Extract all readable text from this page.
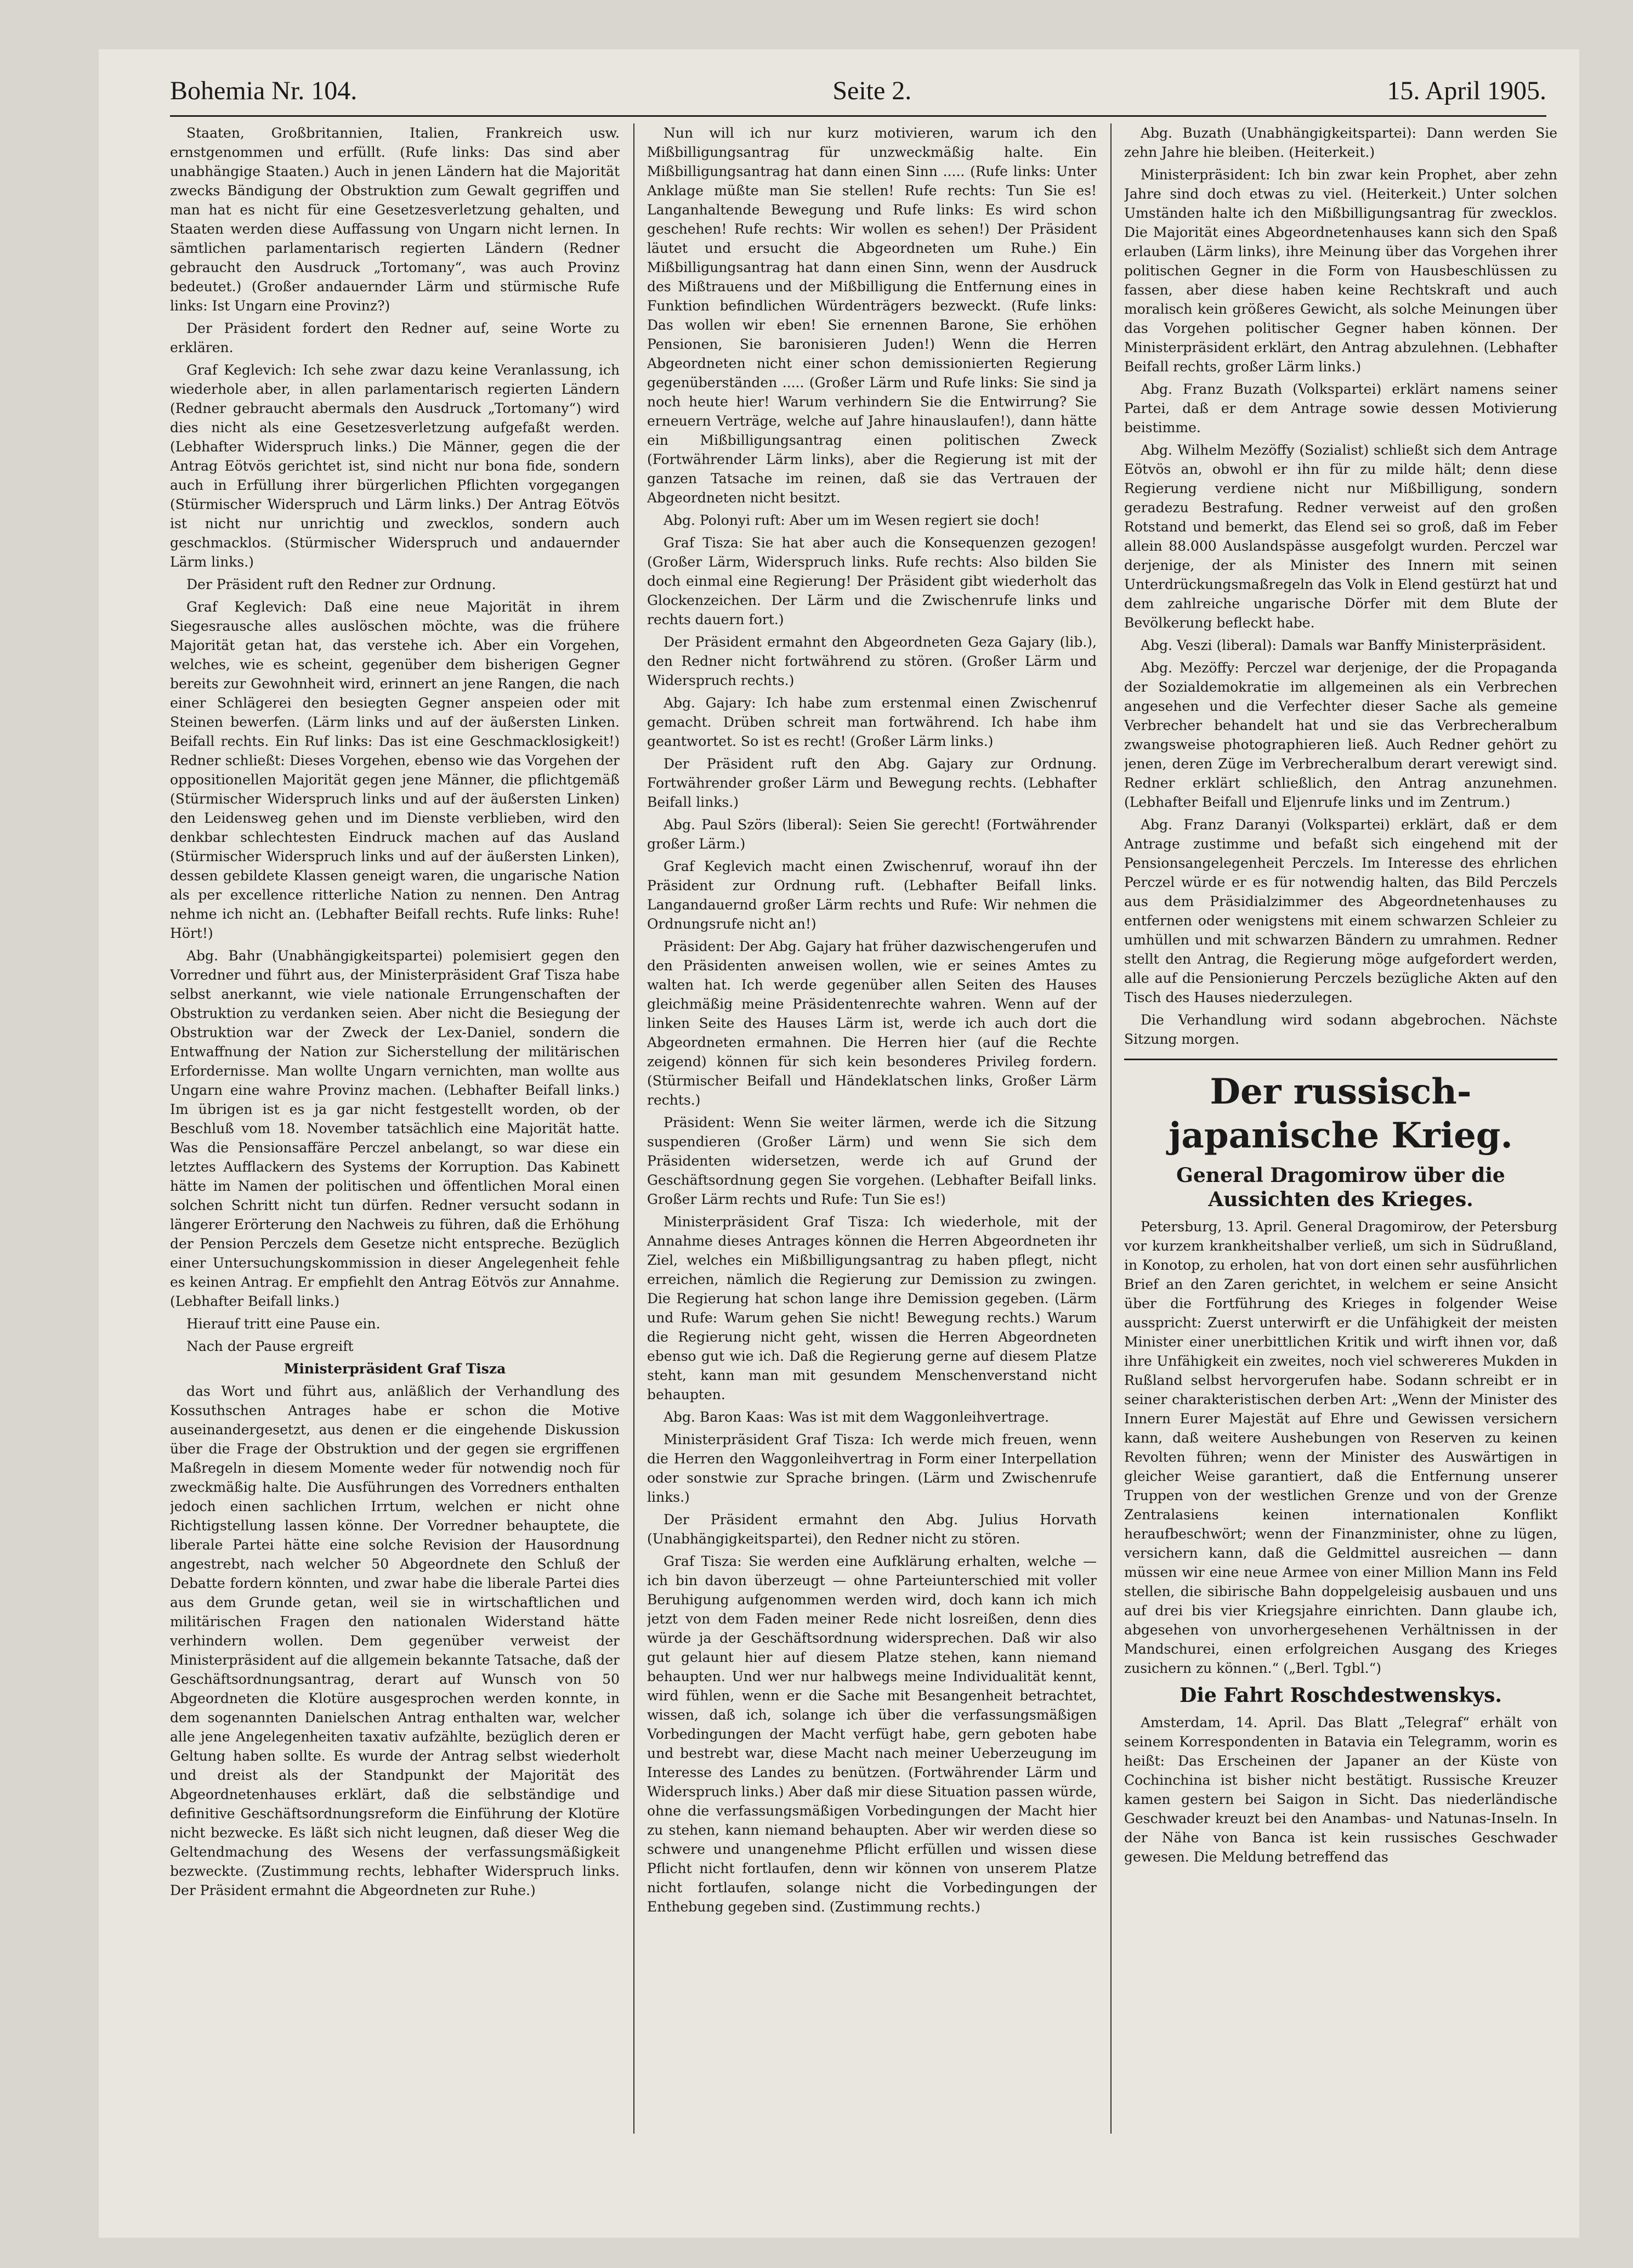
Bohemia Nr. 104.	Seite 2.	15. April 1905.

Staaten, Großbritannien, Italien, Frankreich usw. ernstgenommen und erfüllt. (Rufe links: Das sind aber unabhängige Staaten.) Auch in jenen Ländern hat die Majorität zwecks Bändigung der Obstruktion zum Gewalt gegriffen und man hat es nicht für eine Gesetzesverletzung gehalten, und Staaten werden diese Auffassung von Ungarn nicht lernen. In sämtlichen parlamentarisch regierten Ländern (Redner gebraucht den Ausdruck „Tortomany“, was auch Provinz bedeutet.) (Großer andauernder Lärm und stürmische Rufe links: Ist Ungarn eine Provinz?)

Der Präsident fordert den Redner auf, seine Worte zu erklären.

Graf Keglevich: Ich sehe zwar dazu keine Veranlassung, ich wiederhole aber, in allen parlamentarisch regierten Ländern (Redner gebraucht abermals den Ausdruck „Tortomany“) wird dies nicht als eine Gesetzesverletzung aufgefaßt werden. (Lebhafter Widerspruch links.) Die Männer, gegen die der Antrag Eötvös gerichtet ist, sind nicht nur bona fide, sondern auch in Erfüllung ihrer bürgerlichen Pflichten vorgegangen (Stürmischer Widerspruch und Lärm links.) Der Antrag Eötvös ist nicht nur unrichtig und zwecklos, sondern auch geschmacklos. (Stürmischer Widerspruch und andauernder Lärm links.)

Der Präsident ruft den Redner zur Ordnung.

Graf Keglevich: Daß eine neue Majorität in ihrem Siegesrausche alles auslöschen möchte, was die frühere Majorität getan hat, das verstehe ich. Aber ein Vorgehen, welches, wie es scheint, gegenüber dem bisherigen Gegner bereits zur Gewohnheit wird, erinnert an jene Rangen, die nach einer Schlägerei den besiegten Gegner anspeien oder mit Steinen bewerfen. (Lärm links und auf der äußersten Linken. Beifall rechts. Ein Ruf links: Das ist eine Geschmacklosigkeit!) Redner schließt: Dieses Vorgehen, ebenso wie das Vorgehen der oppositionellen Majorität gegen jene Männer, die pflichtgemäß (Stürmischer Widerspruch links und auf der äußersten Linken) den Leidensweg gehen und im Dienste verblieben, wird den denkbar schlechtesten Eindruck machen auf das Ausland (Stürmischer Widerspruch links und auf der äußersten Linken), dessen gebildete Klassen geneigt waren, die ungarische Nation als per excellence ritterliche Nation zu nennen. Den Antrag nehme ich nicht an. (Lebhafter Beifall rechts. Rufe links: Ruhe! Hört!)

Abg. Bahr (Unabhängigkeitspartei) polemisiert gegen den Vorredner und führt aus, der Ministerpräsident Graf Tisza habe selbst anerkannt, wie viele nationale Errungenschaften der Obstruktion zu verdanken seien. Aber nicht die Besiegung der Obstruktion war der Zweck der Lex-Daniel, sondern die Entwaffnung der Nation zur Sicherstellung der militärischen Erfordernisse. Man wollte Ungarn vernichten, man wollte aus Ungarn eine wahre Provinz machen. (Lebhafter Beifall links.) Im übrigen ist es ja gar nicht festgestellt worden, ob der Beschluß vom 18. November tatsächlich eine Majorität hatte. Was die Pensionsaffäre Perczel anbelangt, so war diese ein letztes Aufflackern des Systems der Korruption. Das Kabinett hätte im Namen der politischen und öffentlichen Moral einen solchen Schritt nicht tun dürfen. Redner versucht sodann in längerer Erörterung den Nachweis zu führen, daß die Erhöhung der Pension Perczels dem Gesetze nicht entspreche. Bezüglich einer Untersuchungskommission in dieser Angelegenheit fehle es keinen Antrag. Er empfiehlt den Antrag Eötvös zur Annahme. (Lebhafter Beifall links.)

Hierauf tritt eine Pause ein.

Nach der Pause ergreift

Ministerpräsident Graf Tisza

das Wort und führt aus, anläßlich der Verhandlung des Kossuthschen Antrages habe er schon die Motive auseinandergesetzt, aus denen er die eingehende Diskussion über die Frage der Obstruktion und der gegen sie ergriffenen Maßregeln in diesem Momente weder für notwendig noch für zweckmäßig halte. Die Ausführungen des Vorredners enthalten jedoch einen sachlichen Irrtum, welchen er nicht ohne Richtigstellung lassen könne. Der Vorredner behauptete, die liberale Partei hätte eine solche Revision der Hausordnung angestrebt, nach welcher 50 Abgeordnete den Schluß der Debatte fordern könnten, und zwar habe die liberale Partei dies aus dem Grunde getan, weil sie in wirtschaftlichen und militärischen Fragen den nationalen Widerstand hätte verhindern wollen. Dem gegenüber verweist der Ministerpräsident auf die allgemein bekannte Tatsache, daß der Geschäftsordnungsantrag, derart auf Wunsch von 50 Abgeordneten die Klotüre ausgesprochen werden konnte, in dem sogenannten Danielschen Antrag enthalten war, welcher alle jene Angelegenheiten taxativ aufzählte, bezüglich deren er Geltung haben sollte. Es wurde der Antrag selbst wiederholt und dreist als der Standpunkt der Majorität des Abgeordnetenhauses erklärt, daß die selbständige und definitive Geschäftsordnungsreform die Einführung der Klotüre nicht bezwecke. Es läßt sich nicht leugnen, daß dieser Weg die Geltendmachung des Wesens der verfassungsmäßigkeit bezweckte. (Zustimmung rechts, lebhafter Widerspruch links. Der Präsident ermahnt die Abgeordneten zur Ruhe.)

Nun will ich nur kurz motivieren, warum ich den Mißbilligungsantrag für unzweckmäßig halte. Ein Mißbilligungsantrag hat dann einen Sinn ..... (Rufe links: Unter Anklage müßte man Sie stellen! Rufe rechts: Tun Sie es! Langanhaltende Bewegung und Rufe links: Es wird schon geschehen! Rufe rechts: Wir wollen es sehen!) Der Präsident läutet und ersucht die Abgeordneten um Ruhe.) Ein Mißbilligungsantrag hat dann einen Sinn, wenn der Ausdruck des Mißtrauens und der Mißbilligung die Entfernung eines in Funktion befindlichen Würdenträgers bezweckt. (Rufe links: Das wollen wir eben! Sie ernennen Barone, Sie erhöhen Pensionen, Sie baronisieren Juden!) Wenn die Herren Abgeordneten nicht einer schon demissionierten Regierung gegenüberständen ..... (Großer Lärm und Rufe links: Sie sind ja noch heute hier! Warum verhindern Sie die Entwirrung? Sie erneuern Verträge, welche auf Jahre hinauslaufen!), dann hätte ein Mißbilligungsantrag einen politischen Zweck (Fortwährender Lärm links), aber die Regierung ist mit der ganzen Tatsache im reinen, daß sie das Vertrauen der Abgeordneten nicht besitzt.

Abg. Polonyi ruft: Aber um im Wesen regiert sie doch!

Graf Tisza: Sie hat aber auch die Konsequenzen gezogen! (Großer Lärm, Widerspruch links. Rufe rechts: Also bilden Sie doch einmal eine Regierung! Der Präsident gibt wiederholt das Glockenzeichen. Der Lärm und die Zwischenrufe links und rechts dauern fort.)

Der Präsident ermahnt den Abgeordneten Geza Gajary (lib.), den Redner nicht fortwährend zu stören. (Großer Lärm und Widerspruch rechts.)

Abg. Gajary: Ich habe zum erstenmal einen Zwischenruf gemacht. Drüben schreit man fortwährend. Ich habe ihm geantwortet. So ist es recht! (Großer Lärm links.)

Der Präsident ruft den Abg. Gajary zur Ordnung. Fortwährender großer Lärm und Bewegung rechts. (Lebhafter Beifall links.)

Abg. Paul Szörs (liberal): Seien Sie gerecht! (Fortwährender großer Lärm.)

Graf Keglevich macht einen Zwischenruf, worauf ihn der Präsident zur Ordnung ruft. (Lebhafter Beifall links. Langandauernd großer Lärm rechts und Rufe: Wir nehmen die Ordnungsrufe nicht an!)

Präsident: Der Abg. Gajary hat früher dazwischengerufen und den Präsidenten anweisen wollen, wie er seines Amtes zu walten hat. Ich werde gegenüber allen Seiten des Hauses gleichmäßig meine Präsidentenrechte wahren. Wenn auf der linken Seite des Hauses Lärm ist, werde ich auch dort die Abgeordneten ermahnen. Die Herren hier (auf die Rechte zeigend) können für sich kein besonderes Privileg fordern. (Stürmischer Beifall und Händeklatschen links, Großer Lärm rechts.)

Präsident: Wenn Sie weiter lärmen, werde ich die Sitzung suspendieren (Großer Lärm) und wenn Sie sich dem Präsidenten widersetzen, werde ich auf Grund der Geschäftsordnung gegen Sie vorgehen. (Lebhafter Beifall links. Großer Lärm rechts und Rufe: Tun Sie es!)

Ministerpräsident Graf Tisza: Ich wiederhole, mit der Annahme dieses Antrages können die Herren Abgeordneten ihr Ziel, welches ein Mißbilligungsantrag zu haben pflegt, nicht erreichen, nämlich die Regierung zur Demission zu zwingen. Die Regierung hat schon lange ihre Demission gegeben. (Lärm und Rufe: Warum gehen Sie nicht! Bewegung rechts.) Warum die Regierung nicht geht, wissen die Herren Abgeordneten ebenso gut wie ich. Daß die Regierung gerne auf diesem Platze steht, kann man mit gesundem Menschenverstand nicht behaupten.

Abg. Baron Kaas: Was ist mit dem Waggonleihvertrage.

Ministerpräsident Graf Tisza: Ich werde mich freuen, wenn die Herren den Waggonleihvertrag in Form einer Interpellation oder sonstwie zur Sprache bringen. (Lärm und Zwischenrufe links.)

Der Präsident ermahnt den Abg. Julius Horvath (Unabhängigkeitspartei), den Redner nicht zu stören.

Graf Tisza: Sie werden eine Aufklärung erhalten, welche — ich bin davon überzeugt — ohne Parteiunterschied mit voller Beruhigung aufgenommen werden wird, doch kann ich mich jetzt von dem Faden meiner Rede nicht losreißen, denn dies würde ja der Geschäftsordnung widersprechen. Daß wir also gut gelaunt hier auf diesem Platze stehen, kann niemand behaupten. Und wer nur halbwegs meine Individualität kennt, wird fühlen, wenn er die Sache mit Besangenheit betrachtet, wissen, daß ich, solange ich über die verfassungsmäßigen Vorbedingungen der Macht verfügt habe, gern geboten habe und bestrebt war, diese Macht nach meiner Ueberzeugung im Interesse des Landes zu benützen. (Fortwährender Lärm und Widerspruch links.) Aber daß mir diese Situation passen würde, ohne die verfassungsmäßigen Vorbedingungen der Macht hier zu stehen, kann niemand behaupten. Aber wir werden diese so schwere und unangenehme Pflicht erfüllen und wissen diese Pflicht nicht fortlaufen, denn wir können von unserem Platze nicht fortlaufen, solange nicht die Vorbedingungen der Enthebung gegeben sind. (Zustimmung rechts.)

Abg. Buzath (Unabhängigkeitspartei): Dann werden Sie zehn Jahre hie bleiben. (Heiterkeit.)

Ministerpräsident: Ich bin zwar kein Prophet, aber zehn Jahre sind doch etwas zu viel. (Heiterkeit.) Unter solchen Umständen halte ich den Mißbilligungsantrag für zwecklos. Die Majorität eines Abgeordnetenhauses kann sich den Spaß erlauben (Lärm links), ihre Meinung über das Vorgehen ihrer politischen Gegner in die Form von Hausbeschlüssen zu fassen, aber diese haben keine Rechtskraft und auch moralisch kein größeres Gewicht, als solche Meinungen über das Vorgehen politischer Gegner haben können. Der Ministerpräsident erklärt, den Antrag abzulehnen. (Lebhafter Beifall rechts, großer Lärm links.)

Abg. Franz Buzath (Volkspartei) erklärt namens seiner Partei, daß er dem Antrage sowie dessen Motivierung beistimme.

Abg. Wilhelm Mezöffy (Sozialist) schließt sich dem Antrage Eötvös an, obwohl er ihn für zu milde hält; denn diese Regierung verdiene nicht nur Mißbilligung, sondern geradezu Bestrafung. Redner verweist auf den großen Rotstand und bemerkt, das Elend sei so groß, daß im Feber allein 88.000 Auslandspässe ausgefolgt wurden. Perczel war derjenige, der als Minister des Innern mit seinen Unterdrückungsmaßregeln das Volk in Elend gestürzt hat und dem zahlreiche ungarische Dörfer mit dem Blute der Bevölkerung befleckt habe.

Abg. Veszi (liberal): Damals war Banffy Ministerpräsident.

Abg. Mezöffy: Perczel war derjenige, der die Propaganda der Sozialdemokratie im allgemeinen als ein Verbrechen angesehen und die Verfechter dieser Sache als gemeine Verbrecher behandelt hat und sie das Verbrecheralbum zwangsweise photographieren ließ. Auch Redner gehört zu jenen, deren Züge im Verbrecheralbum derart verewigt sind. Redner erklärt schließlich, den Antrag anzunehmen. (Lebhafter Beifall und Eljenrufe links und im Zentrum.)

Abg. Franz Daranyi (Volkspartei) erklärt, daß er dem Antrage zustimme und befaßt sich eingehend mit der Pensionsangelegenheit Perczels. Im Interesse des ehrlichen Perczel würde er es für notwendig halten, das Bild Perczels aus dem Präsidialzimmer des Abgeordnetenhauses zu entfernen oder wenigstens mit einem schwarzen Schleier zu umhüllen und mit schwarzen Bändern zu umrahmen. Redner stellt den Antrag, die Regierung möge aufgefordert werden, alle auf die Pensionierung Perczels bezügliche Akten auf den Tisch des Hauses niederzulegen.

Die Verhandlung wird sodann abgebrochen. Nächste Sitzung morgen.

Der russisch-japanische Krieg.
General Dragomirow über die Aussichten des Krieges.

Petersburg, 13. April. General Dragomirow, der Petersburg vor kurzem krankheitshalber verließ, um sich in Südrußland, in Konotop, zu erholen, hat von dort einen sehr ausführlichen Brief an den Zaren gerichtet, in welchem er seine Ansicht über die Fortführung des Krieges in folgender Weise ausspricht: Zuerst unterwirft er die Unfähigkeit der meisten Minister einer unerbittlichen Kritik und wirft ihnen vor, daß ihre Unfähigkeit ein zweites, noch viel schwereres Mukden in Rußland selbst hervorgerufen habe. Sodann schreibt er in seiner charakteristischen derben Art: „Wenn der Minister des Innern Eurer Majestät auf Ehre und Gewissen versichern kann, daß weitere Aushebungen von Reserven zu keinen Revolten führen; wenn der Minister des Auswärtigen in gleicher Weise garantiert, daß die Entfernung unserer Truppen von der westlichen Grenze und von der Grenze Zentralasiens keinen internationalen Konflikt heraufbeschwört; wenn der Finanzminister, ohne zu lügen, versichern kann, daß die Geldmittel ausreichen — dann müssen wir eine neue Armee von einer Million Mann ins Feld stellen, die sibirische Bahn doppelgeleisig ausbauen und uns auf drei bis vier Kriegsjahre einrichten. Dann glaube ich, abgesehen von unvorhergesehenen Verhältnissen in der Mandschurei, einen erfolgreichen Ausgang des Krieges zusichern zu können.“ („Berl. Tgbl.“)

Die Fahrt Roschdestwenskys.

Amsterdam, 14. April. Das Blatt „Telegraf“ erhält von seinem Korrespondenten in Batavia ein Telegramm, worin es heißt: Das Erscheinen der Japaner an der Küste von Cochinchina ist bisher nicht bestätigt. Russische Kreuzer kamen gestern bei Saigon in Sicht. Das niederländische Geschwader kreuzt bei den Anambas- und Natunas-Inseln. In der Nähe von Banca ist kein russisches Geschwader gewesen. Die Meldung betreffend das
